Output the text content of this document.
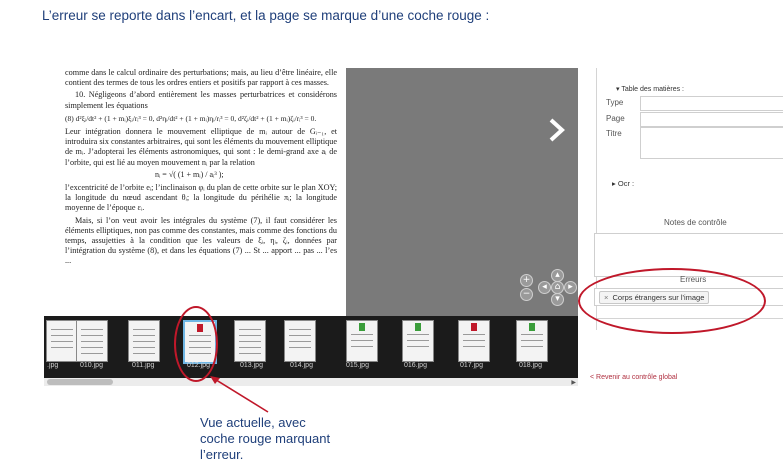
L’erreur se reporte dans l’encart, et la page se marque d’une coche rouge :

comme dans le calcul ordinaire des perturbations; mais, au lieu d’être linéaire, elle contient des termes de tous les ordres entiers et positifs par rapport à ces masses.

10. Négligeons d’abord entièrement les masses perturbatrices et considérons simplement les équations

(8) d²ξᵢ/dt² + (1 + mᵢ)ξᵢ/rᵢ³ = 0, d²ηᵢ/dt² + (1 + mᵢ)ηᵢ/rᵢ³ = 0, d²ζᵢ/dt² + (1 + mᵢ)ζᵢ/rᵢ³ = 0.

Leur intégration donnera le mouvement elliptique de mᵢ autour de Gᵢ₋₁, et introduira six constantes arbitraires, qui sont les éléments du mouvement elliptique de mᵢ. J’adopterai les éléments astronomiques, qui sont : le demi-grand axe aᵢ de l’orbite, qui est lié au moyen mouvement nᵢ par la relation

nᵢ = √( (1 + mᵢ) / aᵢ³ );

l’excentricité de l’orbite eᵢ; l’inclinaison φᵢ du plan de cette orbite sur le plan XOY; la longitude du nœud ascendant θᵢ; la longitude du périhélie πᵢ; la longitude moyenne de l’époque εᵢ.

Mais, si l’on veut avoir les intégrales du système (7), il faut considérer les éléments elliptiques, non pas comme des constantes, mais comme des fonctions du temps, assujetties à la condition que les valeurs de ξᵢ, ηᵢ, ζᵢ, données par l’intégration du système (8), et dans les équations (7) ... St ... apport ... pas ... l’es ...

+
−
▴
◂ ⌂ ▸
▾
.jpg	010.jpg	011.jpg	012.jpg	013.jpg	014.jpg	015.jpg	016.jpg	017.jpg	018.jpg
▶
▾ Table des matières :
Type
Page
Titre
▸ Ocr :
Notes de contrôle
Erreurs
× Corps étrangers sur l'image
< Revenir au contrôle global
Vue actuelle, avec
coche rouge marquant
l’erreur.
